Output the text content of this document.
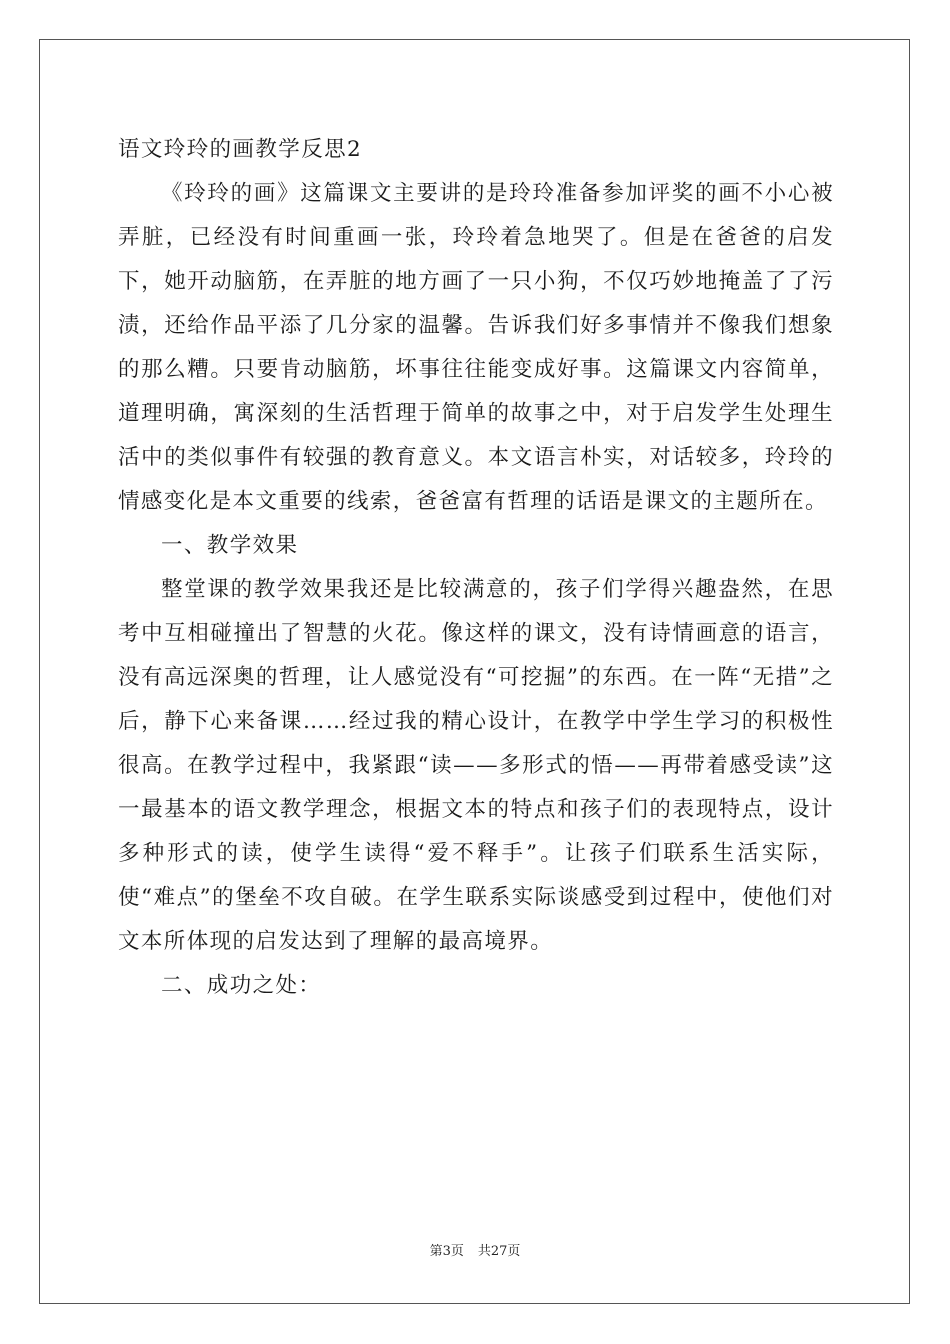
语文玲玲的画教学反思2

《玲玲的画》这篇课文主要讲的是玲玲准备参加评奖的画不小心被弄脏，已经没有时间重画一张，玲玲着急地哭了。但是在爸爸的启发下，她开动脑筋，在弄脏的地方画了一只小狗，不仅巧妙地掩盖了了污渍，还给作品平添了几分家的温馨。告诉我们好多事情并不像我们想象的那么糟。只要肯动脑筋，坏事往往能变成好事。这篇课文内容简单，道理明确，寓深刻的生活哲理于简单的故事之中，对于启发学生处理生活中的类似事件有较强的教育意义。本文语言朴实，对话较多，玲玲的情感变化是本文重要的线索，爸爸富有哲理的话语是课文的主题所在。

一、教学效果

整堂课的教学效果我还是比较满意的，孩子们学得兴趣盎然，在思考中互相碰撞出了智慧的火花。像这样的课文，没有诗情画意的语言，没有高远深奥的哲理，让人感觉没有“可挖掘”的东西。在一阵“无措”之后，静下心来备课……经过我的精心设计，在教学中学生学习的积极性很高。在教学过程中，我紧跟“读——多形式的悟——再带着感受读”这一最基本的语文教学理念，根据文本的特点和孩子们的表现特点，设计多种形式的读，使学生读得“爱不释手”。让孩子们联系生活实际，使“难点”的堡垒不攻自破。在学生联系实际谈感受到过程中，使他们对文本所体现的启发达到了理解的最高境界。

二、成功之处：

第3页 共27页
